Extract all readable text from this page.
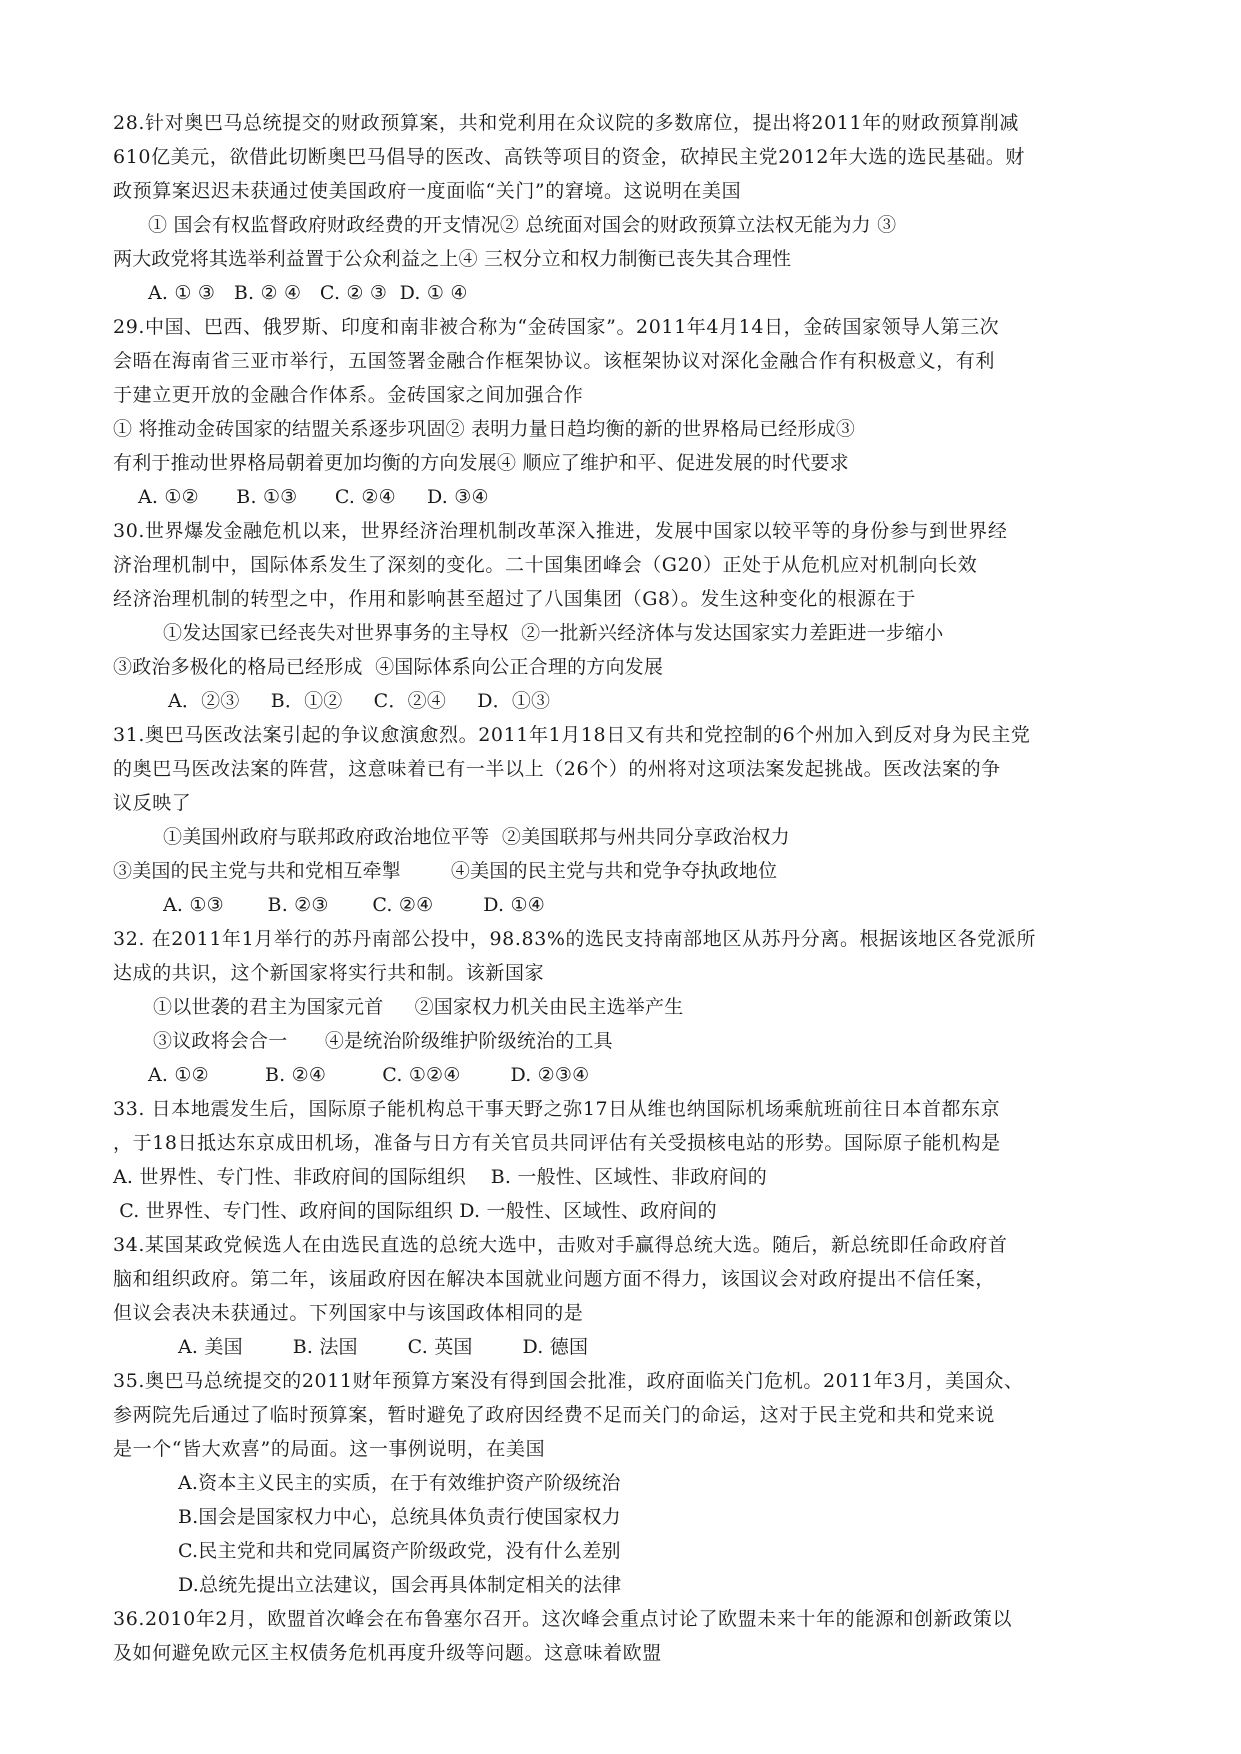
28.针对奥巴马总统提交的财政预算案，共和党利用在众议院的多数席位，提出将2011年的财政预算削减
610亿美元，欲借此切断奥巴马倡导的医改、高铁等项目的资金，砍掉民主党2012年大选的选民基础。财
政预算案迟迟未获通过使美国政府一度面临“关门”的窘境。这说明在美国
① 国会有权监督政府财政经费的开支情况② 总统面对国会的财政预算立法权无能为力 ③
两大政党将其选举利益置于公众利益之上④ 三权分立和权力制衡已丧失其合理性
A. ① ③   B. ② ④   C. ② ③  D. ① ④
29.中国、巴西、俄罗斯、印度和南非被合称为“金砖国家”。2011年4月14日，金砖国家领导人第三次
会晤在海南省三亚市举行，五国签署金融合作框架协议。该框架协议对深化金融合作有积极意义，有利
于建立更开放的金融合作体系。金砖国家之间加强合作
① 将推动金砖国家的结盟关系逐步巩固② 表明力量日趋均衡的新的世界格局已经形成③
有利于推动世界格局朝着更加均衡的方向发展④ 顺应了维护和平、促进发展的时代要求
A. ①②      B. ①③      C. ②④     D. ③④
30.世界爆发金融危机以来，世界经济治理机制改革深入推进，发展中国家以较平等的身份参与到世界经
济治理机制中，国际体系发生了深刻的变化。二十国集团峰会（G20）正处于从危机应对机制向长效
经济治理机制的转型之中，作用和影响甚至超过了八国集团（G8）。发生这种变化的根源在于
①发达国家已经丧失对世界事务的主导权  ②一批新兴经济体与发达国家实力差距进一步缩小
③政治多极化的格局已经形成  ④国际体系向公正合理的方向发展
A．②③     B．①②     C．②④     D．①③
31.奥巴马医改法案引起的争议愈演愈烈。2011年1月18日又有共和党控制的6个州加入到反对身为民主党
的奥巴马医改法案的阵营，这意味着已有一半以上（26个）的州将对这项法案发起挑战。医改法案的争
议反映了
①美国州政府与联邦政府政治地位平等  ②美国联邦与州共同分享政治权力
③美国的民主党与共和党相互牵掣        ④美国的民主党与共和党争夺执政地位
A. ①③       B. ②③       C. ②④        D. ①④
32. 在2011年1月举行的苏丹南部公投中，98.83%的选民支持南部地区从苏丹分离。根据该地区各党派所
达成的共识，这个新国家将实行共和制。该新国家
①以世袭的君主为国家元首     ②国家权力机关由民主选举产生
③议政将会合一      ④是统治阶级维护阶级统治的工具
A. ①②         B. ②④         C. ①②④        D. ②③④
33. 日本地震发生后，国际原子能机构总干事天野之弥17日从维也纳国际机场乘航班前往日本首都东京
，于18日抵达东京成田机场，准备与日方有关官员共同评估有关受损核电站的形势。国际原子能机构是
A. 世界性、专门性、非政府间的国际组织    B. 一般性、区域性、非政府间的
C. 世界性、专门性、政府间的国际组织 D. 一般性、区域性、政府间的
34.某国某政党候选人在由选民直选的总统大选中，击败对手赢得总统大选。随后，新总统即任命政府首
脑和组织政府。第二年，该届政府因在解决本国就业问题方面不得力，该国议会对政府提出不信任案，
但议会表决未获通过。下列国家中与该国政体相同的是
A. 美国        B. 法国        C. 英国        D. 德国
35.奥巴马总统提交的2011财年预算方案没有得到国会批准，政府面临关门危机。2011年3月，美国众、
参两院先后通过了临时预算案，暂时避免了政府因经费不足而关门的命运，这对于民主党和共和党来说
是一个“皆大欢喜”的局面。这一事例说明，在美国
A.资本主义民主的实质，在于有效维护资产阶级统治
B.国会是国家权力中心，总统具体负责行使国家权力
C.民主党和共和党同属资产阶级政党，没有什么差别
D.总统先提出立法建议，国会再具体制定相关的法律
36.2010年2月，欧盟首次峰会在布鲁塞尔召开。这次峰会重点讨论了欧盟未来十年的能源和创新政策以
及如何避免欧元区主权债务危机再度升级等问题。这意味着欧盟
